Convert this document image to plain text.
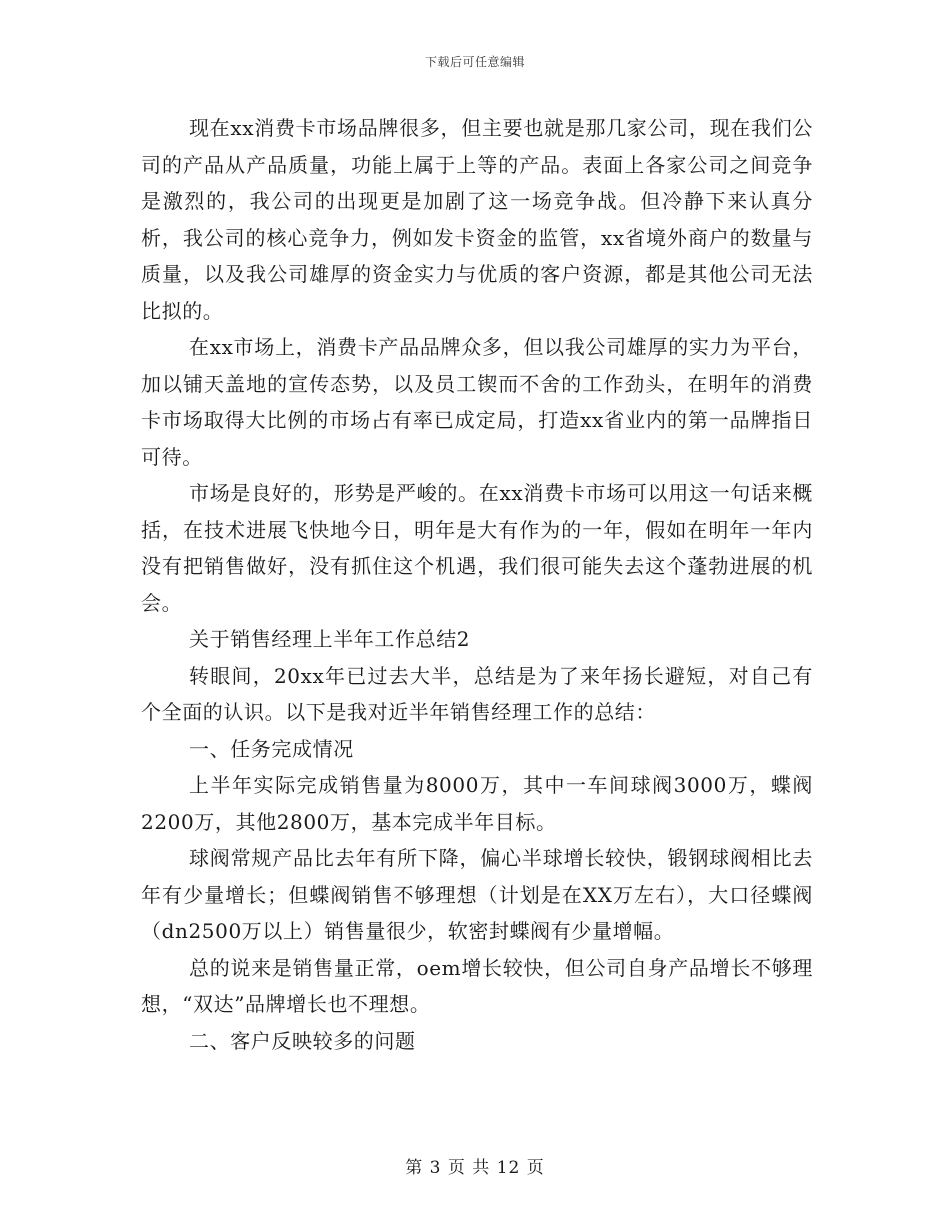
下载后可任意编辑

现在xx消费卡市场品牌很多，但主要也就是那几家公司，现在我们公司的产品从产品质量，功能上属于上等的产品。表面上各家公司之间竞争是激烈的，我公司的出现更是加剧了这一场竞争战。但冷静下来认真分析，我公司的核心竞争力，例如发卡资金的监管，xx省境外商户的数量与质量，以及我公司雄厚的资金实力与优质的客户资源，都是其他公司无法比拟的。

在xx市场上，消费卡产品品牌众多，但以我公司雄厚的实力为平台，加以铺天盖地的宣传态势，以及员工锲而不舍的工作劲头，在明年的消费卡市场取得大比例的市场占有率已成定局，打造xx省业内的第一品牌指日可待。

市场是良好的，形势是严峻的。在xx消费卡市场可以用这一句话来概括，在技术进展飞快地今日，明年是大有作为的一年，假如在明年一年内没有把销售做好，没有抓住这个机遇，我们很可能失去这个蓬勃进展的机会。

关于销售经理上半年工作总结2

转眼间，20xx年已过去大半，总结是为了来年扬长避短，对自己有个全面的认识。以下是我对近半年销售经理工作的总结：

一、任务完成情况

上半年实际完成销售量为8000万，其中一车间球阀3000万，蝶阀2200万，其他2800万，基本完成半年目标。

球阀常规产品比去年有所下降，偏心半球增长较快，锻钢球阀相比去年有少量增长；但蝶阀销售不够理想（计划是在XX万左右），大口径蝶阀（dn2500万以上）销售量很少，软密封蝶阀有少量增幅。

总的说来是销售量正常，oem增长较快，但公司自身产品增长不够理想，“双达”品牌增长也不理想。

二、客户反映较多的问题

第 3 页 共 12 页
